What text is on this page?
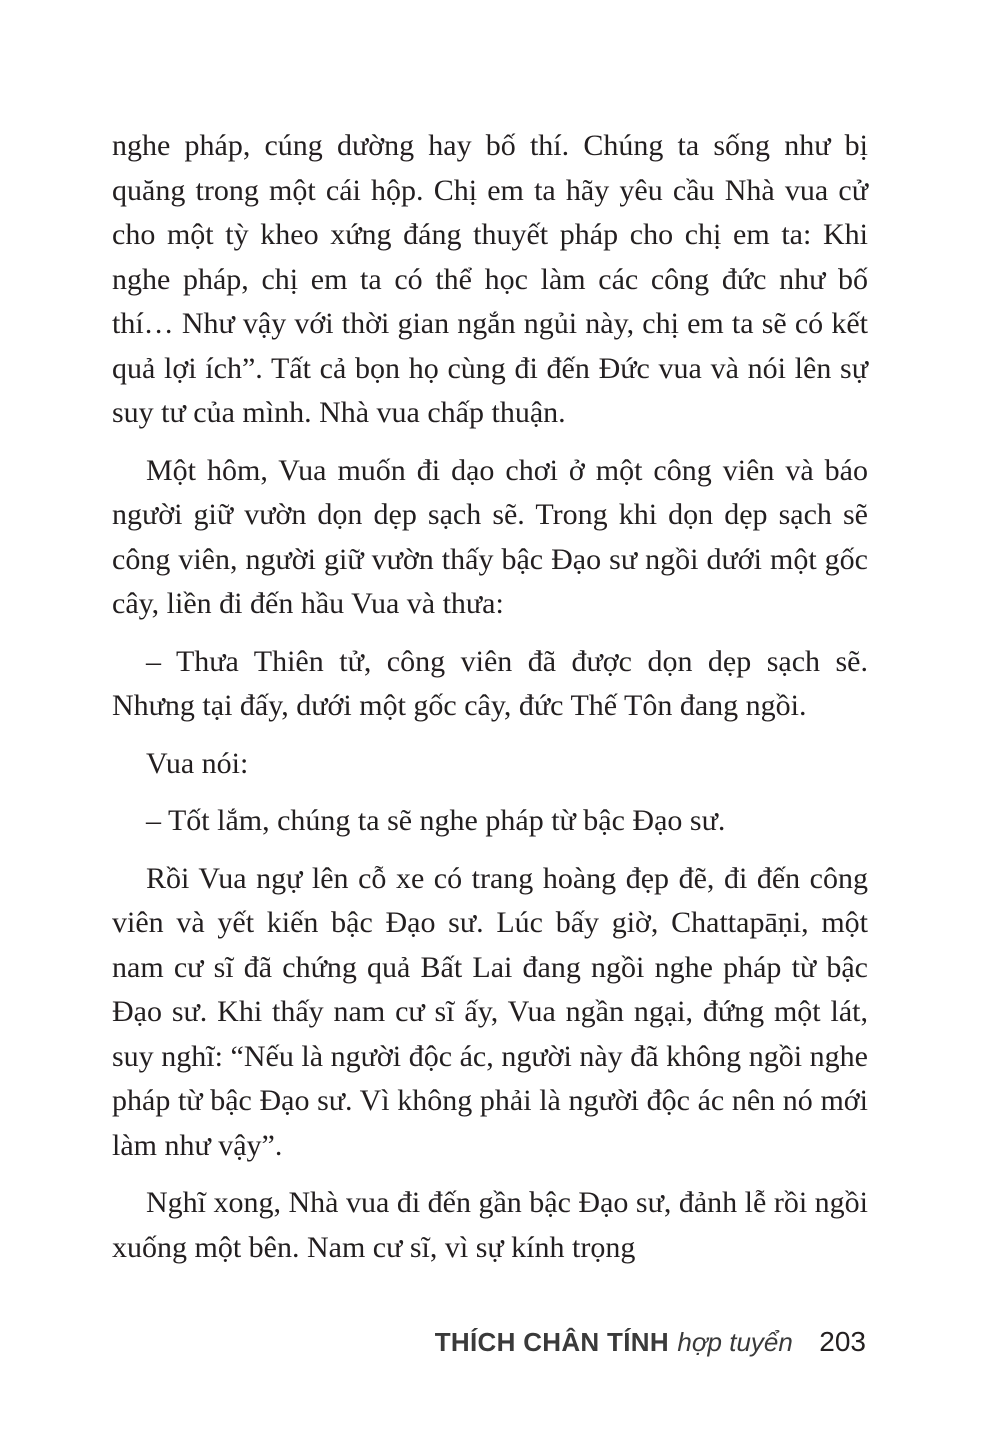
nghe pháp, cúng dường hay bố thí. Chúng ta sống như bị quăng trong một cái hộp. Chị em ta hãy yêu cầu Nhà vua cử cho một tỳ kheo xứng đáng thuyết pháp cho chị em ta: Khi nghe pháp, chị em ta có thể học làm các công đức như bố thí… Như vậy với thời gian ngắn ngủi này, chị em ta sẽ có kết quả lợi ích”. Tất cả bọn họ cùng đi đến Đức vua và nói lên sự suy tư của mình. Nhà vua chấp thuận.

Một hôm, Vua muốn đi dạo chơi ở một công viên và báo người giữ vườn dọn dẹp sạch sẽ. Trong khi dọn dẹp sạch sẽ công viên, người giữ vườn thấy bậc Đạo sư ngồi dưới một gốc cây, liền đi đến hầu Vua và thưa:

– Thưa Thiên tử, công viên đã được dọn dẹp sạch sẽ. Nhưng tại đấy, dưới một gốc cây, đức Thế Tôn đang ngồi.

Vua nói:

– Tốt lắm, chúng ta sẽ nghe pháp từ bậc Đạo sư.

Rồi Vua ngự lên cỗ xe có trang hoàng đẹp đẽ, đi đến công viên và yết kiến bậc Đạo sư. Lúc bấy giờ, Chattapāṇi, một nam cư sĩ đã chứng quả Bất Lai đang ngồi nghe pháp từ bậc Đạo sư. Khi thấy nam cư sĩ ấy, Vua ngần ngại, đứng một lát, suy nghĩ: “Nếu là người độc ác, người này đã không ngồi nghe pháp từ bậc Đạo sư. Vì không phải là người độc ác nên nó mới làm như vậy”.

Nghĩ xong, Nhà vua đi đến gần bậc Đạo sư, đảnh lễ rồi ngồi xuống một bên. Nam cư sĩ, vì sự kính trọng

THÍCH CHÂN TÍNH hợp tuyển 203
